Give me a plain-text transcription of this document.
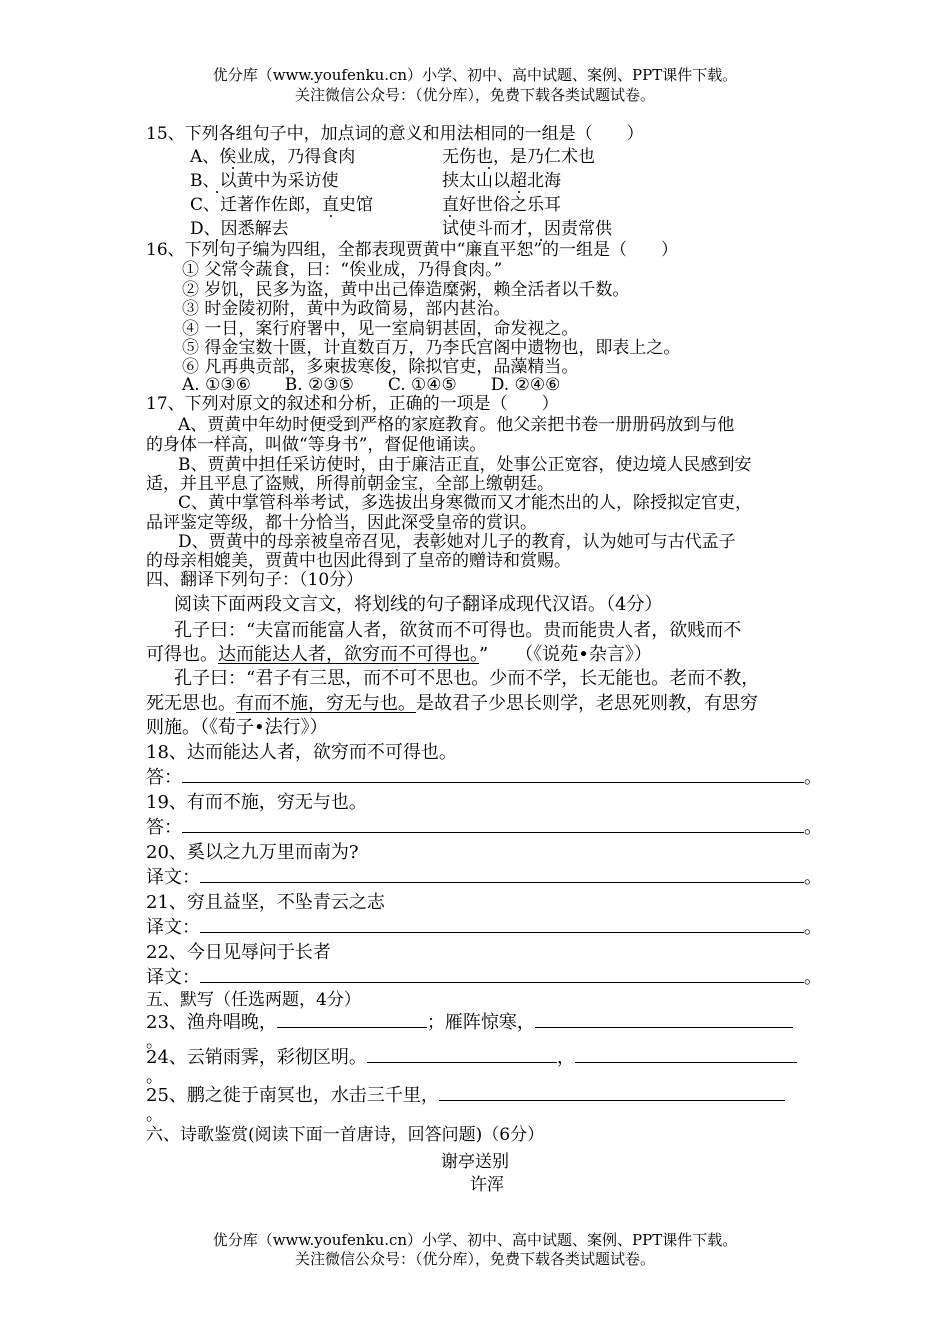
优分库（www.youfenku.cn）小学、初中、高中试题、案例、PPT课件下载。
关注微信公众号：（优分库），免费下载各类试题试卷。
15、下列各组句子中，加点词的意义和用法相同的一组是（　　）
A、俟业成，乃得食肉	无伤也，是乃仁术也
B、以黄中为采访使	挟太山以超北海
C、迁著作佐郎，直史馆	直好世俗之乐耳
D、因悉解去	试使斗而才，因责常供
16、下列句子编为四组，全都表现贾黄中“廉直平恕”的一组是（　　）
① 父常令蔬食，曰：“俟业成，乃得食肉。”
② 岁饥，民多为盗，黄中出己俸造糜粥，赖全活者以千数。
③ 时金陵初附，黄中为政简易，部内甚治。
④ 一日，案行府署中，见一室扃钥甚固，命发视之。
⑤ 得金宝数十匮，计直数百万，乃李氏宫阁中遗物也，即表上之。
⑥ 凡再典贡部，多柬拔寒俊，除拟官吏，品藻精当。
A. ①③⑥　　B. ②③⑤　　C. ①④⑤　　D. ②④⑥
17、下列对原文的叙述和分析，正确的一项是（　　）
A、贾黄中年幼时便受到严格的家庭教育。他父亲把书卷一册册码放到与他
的身体一样高，叫做“等身书”，督促他诵读。
B、贾黄中担任采访使时，由于廉洁正直，处事公正宽容，使边境人民感到安
适，并且平息了盗贼，所得前朝金宝，全部上缴朝廷。
C、黄中掌管科举考试，多选拔出身寒微而又才能杰出的人，除授拟定官吏，
品评鉴定等级，都十分恰当，因此深受皇帝的赏识。
D、贾黄中的母亲被皇帝召见，表彰她对儿子的教育，认为她可与古代孟子
的母亲相媲美，贾黄中也因此得到了皇帝的赠诗和赏赐。
四、翻译下列句子：（10分）
阅读下面两段文言文，将划线的句子翻译成现代汉语。（4分）
孔子曰：“夫富而能富人者，欲贫而不可得也。贵而能贵人者，欲贱而不
可得也。达而能达人者，欲穷而不可得也。”　　（《说苑•杂言》）
孔子曰：“君子有三思，而不可不思也。少而不学，长无能也。老而不教，
死无思也。有而不施，穷无与也。是故君子少思长则学，老思死则教，有思穷
则施。（《荀子•法行》）
18、达而能达人者，欲穷而不可得也。
答：	。
19、有而不施，穷无与也。
答：	。
20、奚以之九万里而南为?
译文：	。
21、穷且益坚，不坠青云之志
译文：	。
22、今日见辱问于长者
译文：	。
五、默写（任选两题，4分）
23、渔舟唱晚，	；雁阵惊寒，
。
24、云销雨霁，彩彻区明。	，
。
25、鹏之徙于南冥也，水击三千里，
。
六、诗歌鉴赏(阅读下面一首唐诗，回答问题)（6分）
谢亭送别
许浑
优分库（www.youfenku.cn）小学、初中、高中试题、案例、PPT课件下载。
关注微信公众号：（优分库），免费下载各类试题试卷。
